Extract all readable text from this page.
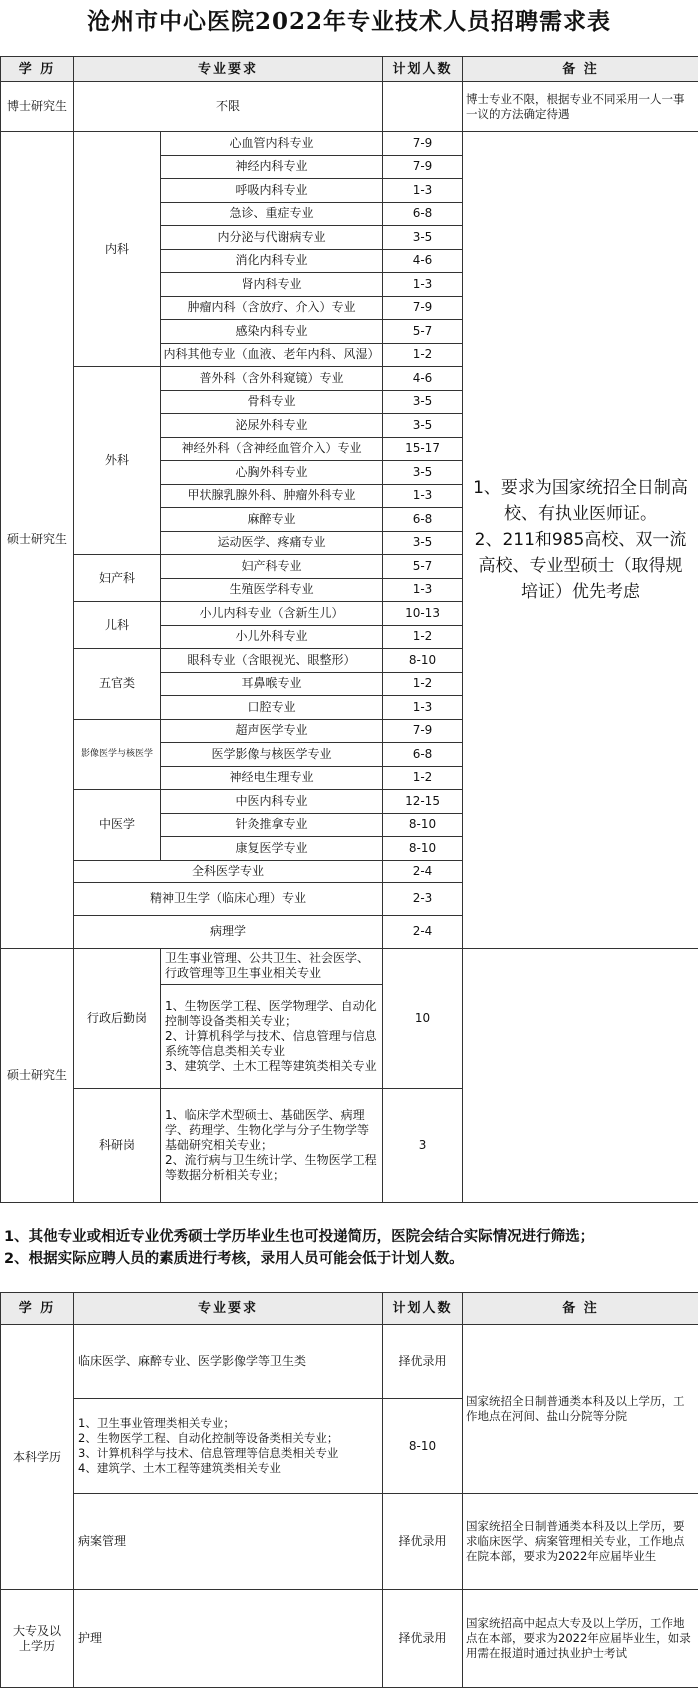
沧州市中心医院2022年专业技术人员招聘需求表
学 历	专业要求		计划人数	备 注
博士研究生	不限			博士专业不限，根据专业不同采用一人一事一议的方法确定待遇
硕士研究生	内科	心血管内科专业	7-9	1、要求为国家统招全日制高校、有执业医师证。
2、211和985高校、双一流高校、专业型硕士（取得规培证）优先考虑
		神经内科专业	7-9	
		呼吸内科专业	1-3	
		急诊、重症专业	6-8	
		内分泌与代谢病专业	3-5	
		消化内科专业	4-6	
		肾内科专业	1-3	
		肿瘤内科（含放疗、介入）专业	7-9	
		感染内科专业	5-7	
		内科其他专业（血液、老年内科、风湿）	1-2	
	外科	普外科（含外科窥镜）专业	4-6	
		骨科专业	3-5	
		泌尿外科专业	3-5	
		神经外科（含神经血管介入）专业	15-17	
		心胸外科专业	3-5	
		甲状腺乳腺外科、肿瘤外科专业	1-3	
		麻醉专业	6-8	
		运动医学、疼痛专业	3-5	
	妇产科	妇产科专业	5-7	
		生殖医学科专业	1-3	
	儿科	小儿内科专业（含新生儿）	10-13	
		小儿外科专业	1-2	
	五官类	眼科专业（含眼视光、眼整形）	8-10	
		耳鼻喉专业	1-2	
		口腔专业	1-3	
	影像医学与核医学	超声医学专业	7-9	
		医学影像与核医学专业	6-8	
		神经电生理专业	1-2	
	中医学	中医内科专业	12-15	
		针灸推拿专业	8-10	
		康复医学专业	8-10	
	全科医学专业		2-4	
	精神卫生学（临床心理）专业		2-3	
	病理学		2-4	
硕士研究生	行政后勤岗	卫生事业管理、公共卫生、社会医学、行政管理等卫生事业相关专业	10	
		1、生物医学工程、医学物理学、自动化控制等设备类相关专业；
2、计算机科学与技术、信息管理与信息系统等信息类相关专业
3、建筑学、土木工程等建筑类相关专业		
	科研岗	1、临床学术型硕士、基础医学、病理学、药理学、生物化学与分子生物学等基础研究相关专业；
2、流行病与卫生统计学、生物医学工程等数据分析相关专业；	3	
1、其他专业或相近专业优秀硕士学历毕业生也可投递简历，医院会结合实际情况进行筛选；
2、根据实际应聘人员的素质进行考核，录用人员可能会低于计划人数。
学 历	专业要求	计划人数	备 注
本科学历	临床医学、麻醉专业、医学影像学等卫生类	择优录用	国家统招全日制普通类本科及以上学历，工作地点在河间、盐山分院等分院
	1、卫生事业管理类相关专业；
2、生物医学工程、自动化控制等设备类相关专业；
3、计算机科学与技术、信息管理等信息类相关专业
4、建筑学、土木工程等建筑类相关专业	8-10	
	病案管理	择优录用	国家统招全日制普通类本科及以上学历，要求临床医学、病案管理相关专业，工作地点在院本部，要求为2022年应届毕业生
大专及以上学历	护理	择优录用	国家统招高中起点大专及以上学历，工作地点在本部，要求为2022年应届毕业生，如录用需在报道时通过执业护士考试
